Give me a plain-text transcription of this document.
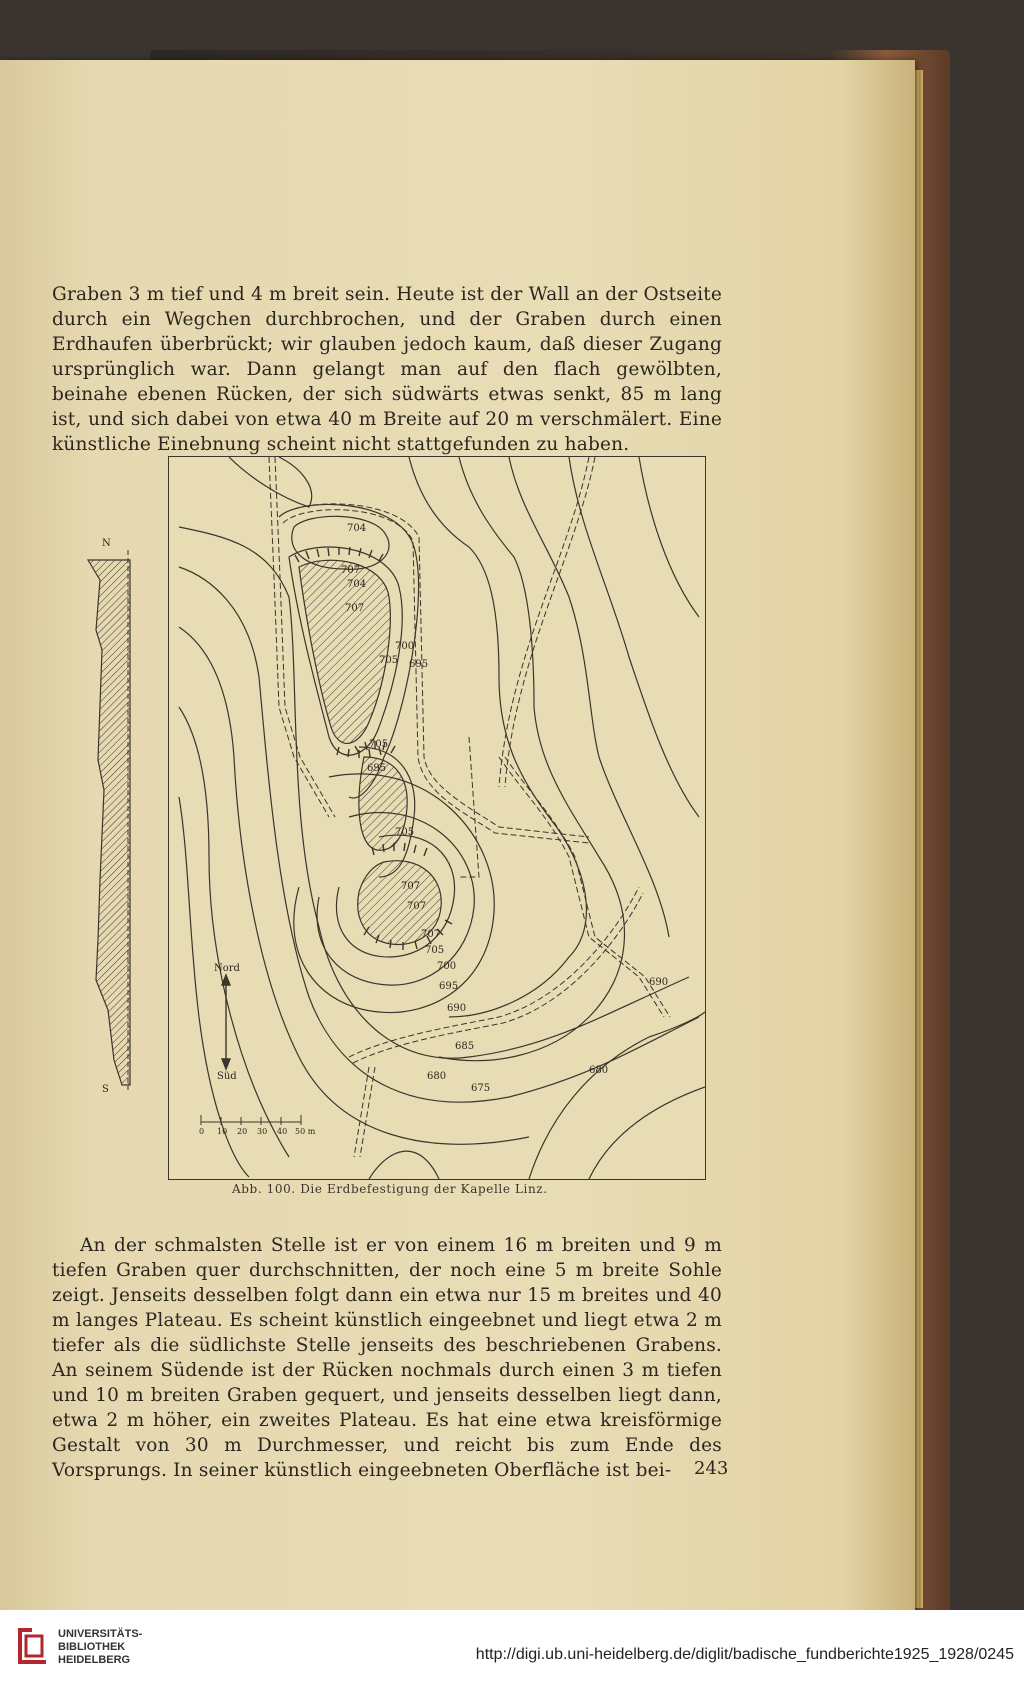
Graben 3 m tief und 4 m breit sein. Heute ist der Wall an der Ostseite durch ein Wegchen durchbrochen, und der Graben durch einen Erdhaufen überbrückt; wir glauben jedoch kaum, daß dieser Zugang ursprünglich war. Dann gelangt man auf den flach gewölbten, beinahe ebenen Rücken, der sich südwärts etwas senkt, 85 m lang ist, und sich dabei von etwa 40 m Breite auf 20 m verschmälert. Eine künstliche Einebnung scheint nicht stattgefunden zu haben.

N
S
704
707
704
707
700
695
705
705
695
705
707
707
707
705
700
695
690
685
680
675
690
680
Nord
Süd
0 10 20 30 40 50 m
Abb. 100. Die Erdbefestigung der Kapelle Linz.

An der schmalsten Stelle ist er von einem 16 m breiten und 9 m tiefen Graben quer durchschnitten, der noch eine 5 m breite Sohle zeigt. Jenseits desselben folgt dann ein etwa nur 15 m breites und 40 m langes Plateau. Es scheint künstlich eingeebnet und liegt etwa 2 m tiefer als die südlichste Stelle jenseits des beschriebenen Grabens. An seinem Südende ist der Rücken nochmals durch einen 3 m tiefen und 10 m breiten Graben gequert, und jenseits desselben liegt dann, etwa 2 m höher, ein zweites Plateau. Es hat eine etwa kreisförmige Gestalt von 30 m Durchmesser, und reicht bis zum Ende des Vorsprungs. In seiner künstlich eingeebneten Oberfläche ist bei-	243
UNIVERSITÄTS-
BIBLIOTHEK
HEIDELBERG	http://digi.ub.uni-heidelberg.de/diglit/badische_fundberichte1925_1928/0245
